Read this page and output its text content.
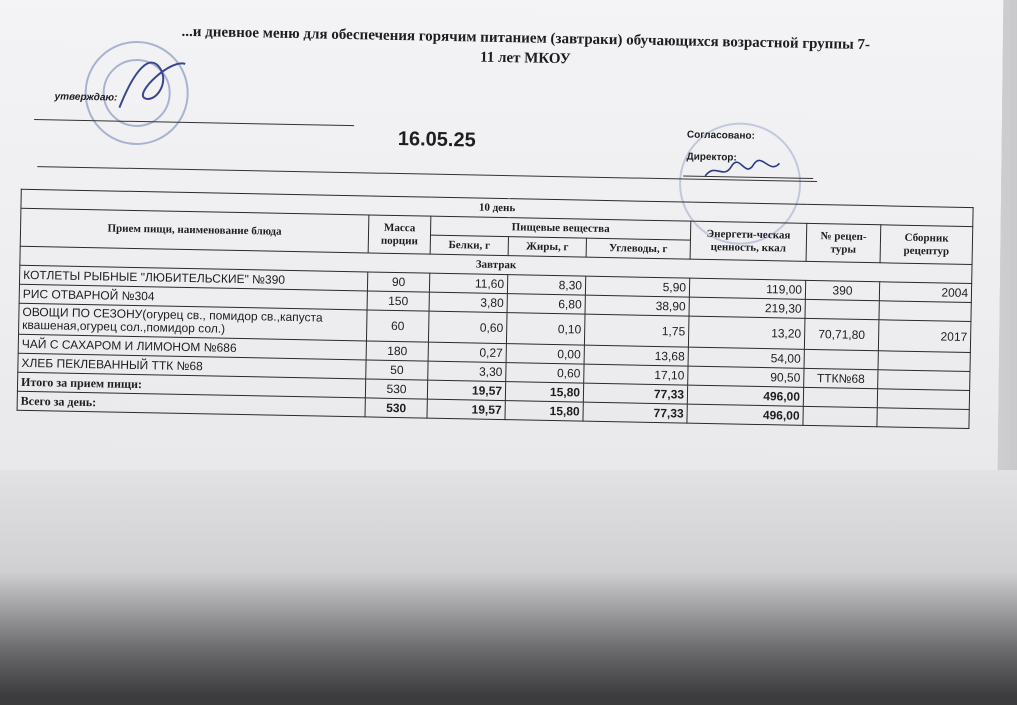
...и дневное меню для обеспечения горячим питанием (завтраки) обучающихся возрастной группы 7-
11 лет МКОУ
утверждаю:
16.05.25	Согласовано:
Директор:
10 день							
Прием пищи, наименование блюда	Масса порции	Пищевые вещества			Энергети-ческая ценность, ккал	№ рецеп-туры	Сборник рецептур
		Белки, г	Жиры, г	Углеводы, г			
Завтрак							
КОТЛЕТЫ РЫБНЫЕ "ЛЮБИТЕЛЬСКИЕ" №390	90	11,60	8,30	5,90	119,00	390	2004
РИС ОТВАРНОЙ №304	150	3,80	6,80	38,90	219,30		
ОВОЩИ ПО СЕЗОНУ(огурец св., помидор св.,капуста квашеная,огурец сол.,помидор сол.)	60	0,60	0,10	1,75	13,20	70,71,80	2017
ЧАЙ С САХАРОМ И ЛИМОНОМ №686	180	0,27	0,00	13,68	54,00		
ХЛЕБ ПЕКЛЕВАННЫЙ ТТК №68	50	3,30	0,60	17,10	90,50	ТТК№68	
Итого за прием пищи:	530	19,57	15,80	77,33	496,00		
Всего за день:	530	19,57	15,80	77,33	496,00		
